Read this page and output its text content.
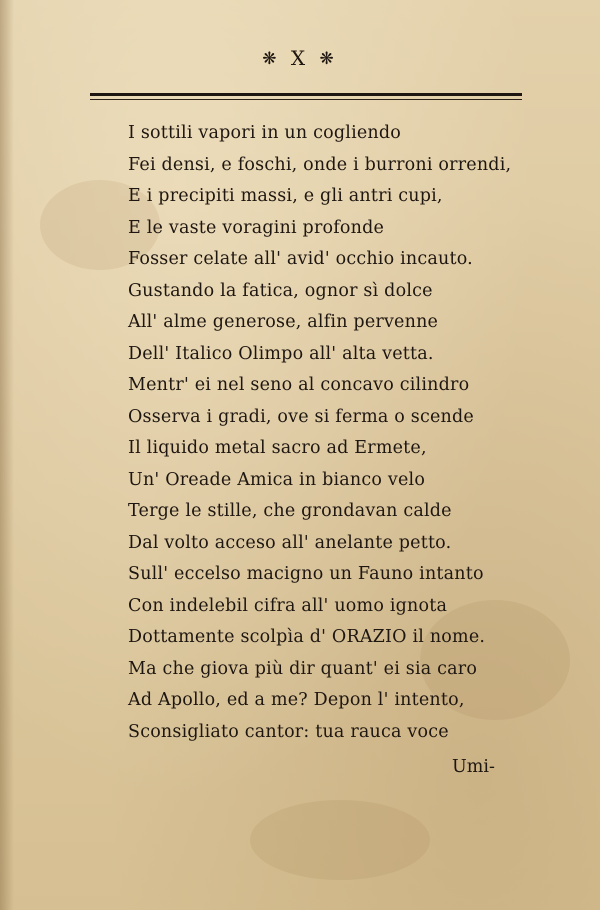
❋ X ❋
I sottili vapori in un cogliendo
Fei densi, e foschi, onde i burroni orrendi,
E i precipiti massi, e gli antri cupi,
E le vaste voragini profonde
Fosser celate all' avid' occhio incauto.
Gustando la fatica, ognor sì dolce
All' alme generose, alfin pervenne
Dell' Italico Olimpo all' alta vetta.
Mentr' ei nel seno al concavo cilindro
Osserva i gradi, ove si ferma o scende
Il liquido metal sacro ad Ermete,
Un' Oreade Amica in bianco velo
Terge le stille, che grondavan calde
Dal volto acceso all' anelante petto.
Sull' eccelso macigno un Fauno intanto
Con indelebil cifra all' uomo ignota
Dottamente scolpìa d' ORAZIO il nome.
Ma che giova più dir quant' ei sia caro
Ad Apollo, ed a me? Depon l' intento,
Sconsigliato cantor: tua rauca voce
Umi-
